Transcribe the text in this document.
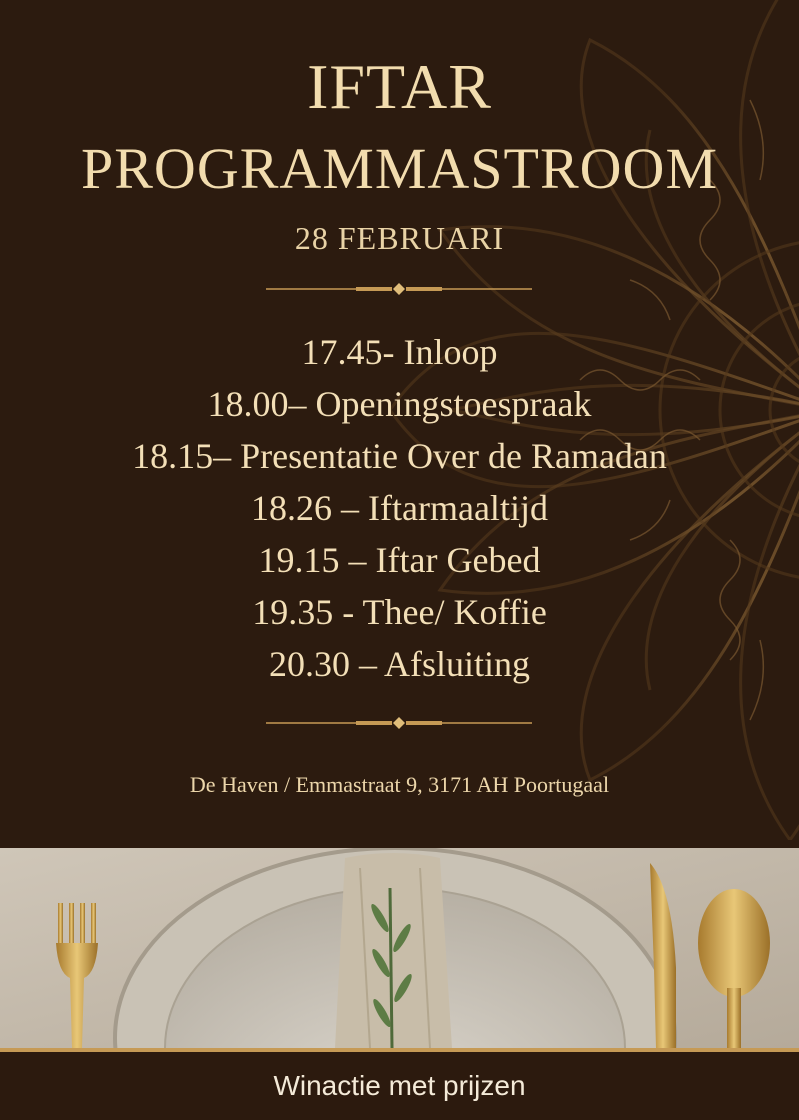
IFTAR
PROGRAMMASTROOM
28 FEBRUARI
17.45- Inloop
18.00– Openingstoespraak
18.15– Presentatie Over de Ramadan
18.26 – Iftarmaaltijd
19.15 – Iftar Gebed
19.35 - Thee/ Koffie
20.30 – Afsluiting
De Haven / Emmastraat 9, 3171 AH Poortugaal
Winactie met prijzen
